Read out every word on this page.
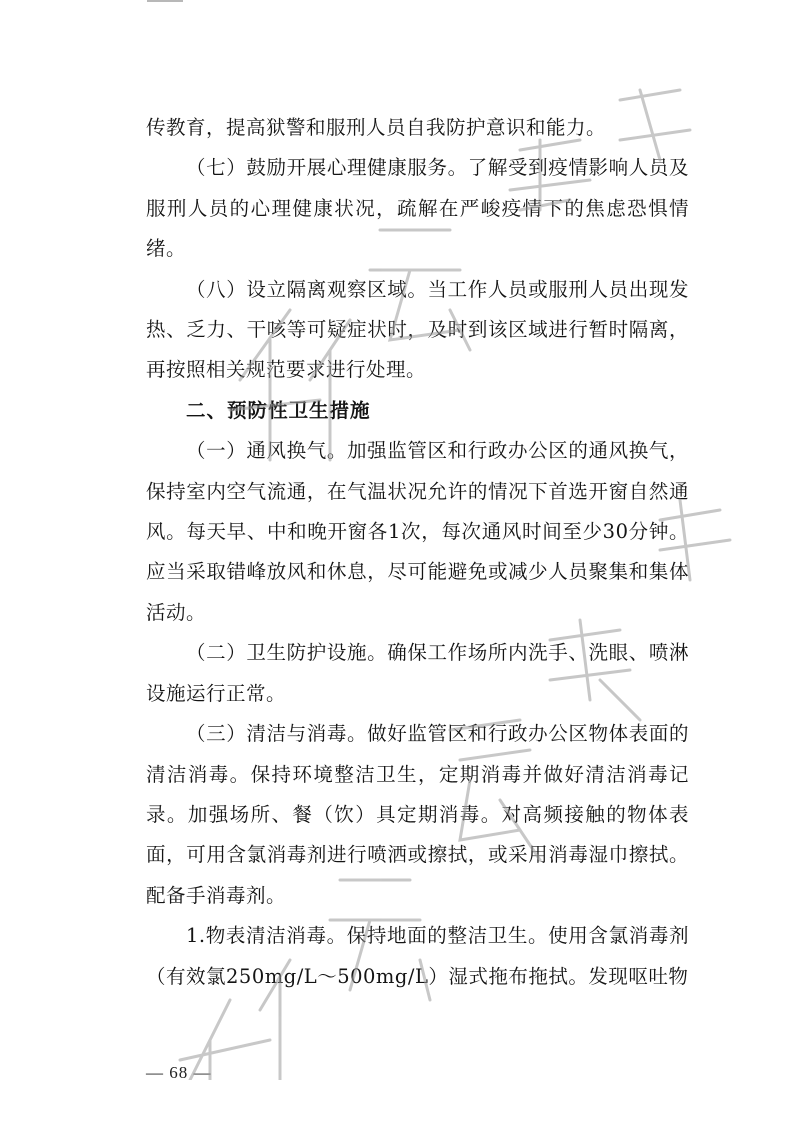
传教育，提高狱警和服刑人员自我防护意识和能力。

（七）鼓励开展心理健康服务。了解受到疫情影响人员及服刑人员的心理健康状况，疏解在严峻疫情下的焦虑恐惧情绪。

（八）设立隔离观察区域。当工作人员或服刑人员出现发热、乏力、干咳等可疑症状时，及时到该区域进行暂时隔离，再按照相关规范要求进行处理。

二、预防性卫生措施

（一）通风换气。加强监管区和行政办公区的通风换气，保持室内空气流通，在气温状况允许的情况下首选开窗自然通风。每天早、中和晚开窗各1次，每次通风时间至少30分钟。应当采取错峰放风和休息，尽可能避免或减少人员聚集和集体活动。

（二）卫生防护设施。确保工作场所内洗手、洗眼、喷淋设施运行正常。

（三）清洁与消毒。做好监管区和行政办公区物体表面的清洁消毒。保持环境整洁卫生，定期消毒并做好清洁消毒记录。加强场所、餐（饮）具定期消毒。对高频接触的物体表面，可用含氯消毒剂进行喷洒或擦拭，或采用消毒湿巾擦拭。配备手消毒剂。

1.物表清洁消毒。保持地面的整洁卫生。使用含氯消毒剂（有效氯250mg/L～500mg/L）湿式拖布拖拭。发现呕吐物

— 68 —
